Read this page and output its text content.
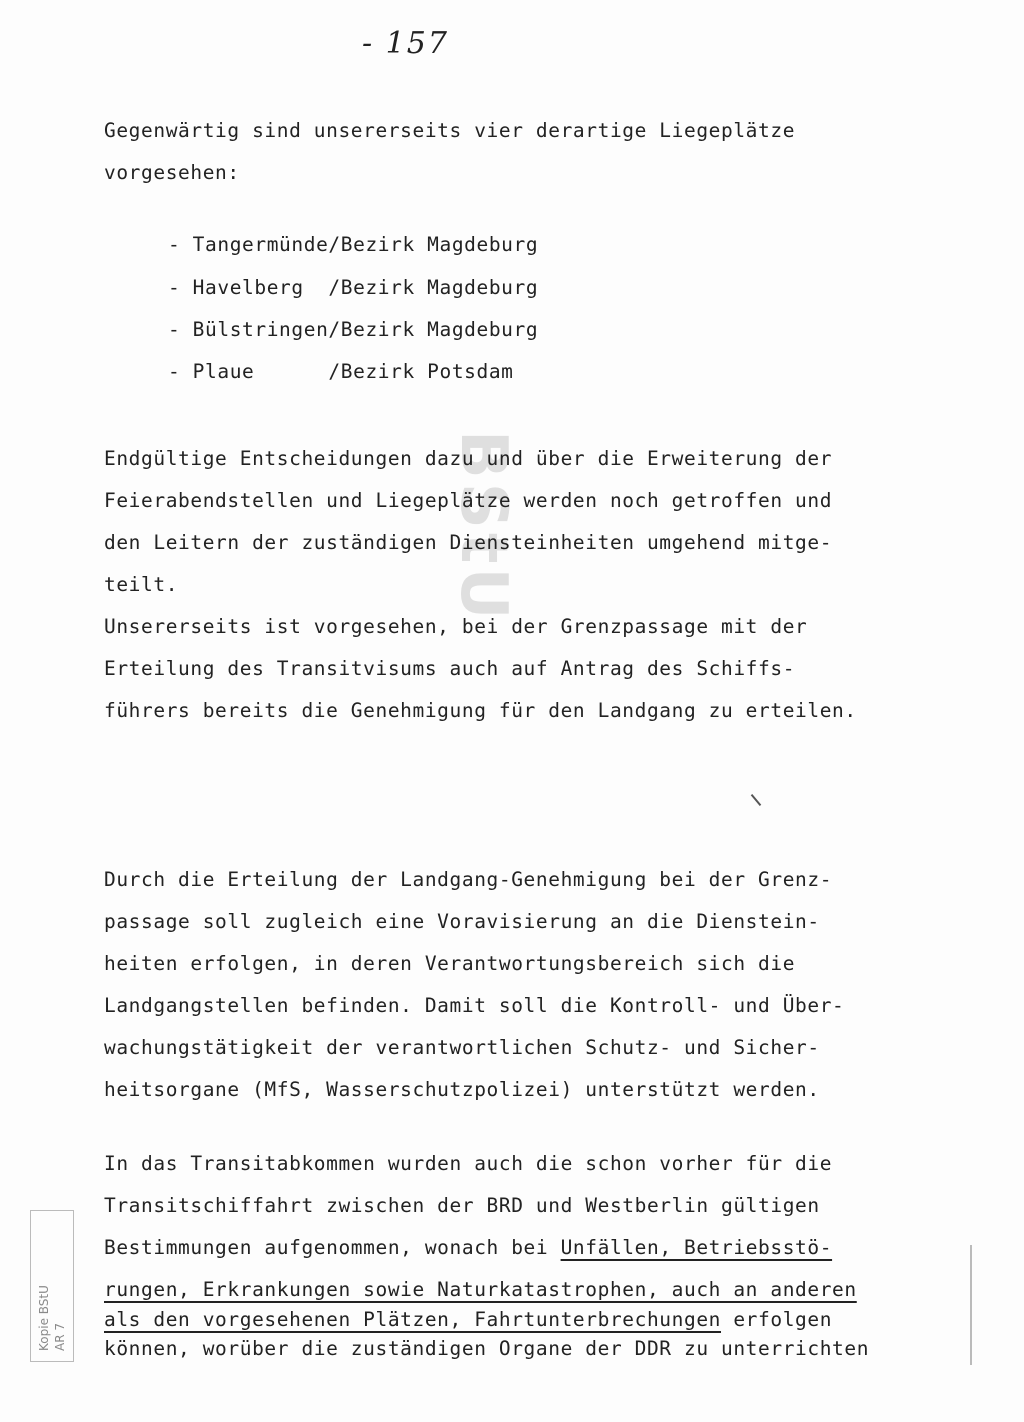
- 157
BStU
Gegenwärtig sind unsererseits vier derartige Liegeplätze
vorgesehen:
- Tangermünde/Bezirk Magdeburg
- Havelberg  /Bezirk Magdeburg
- Bülstringen/Bezirk Magdeburg
- Plaue      /Bezirk Potsdam
Endgültige Entscheidungen dazu und über die Erweiterung der
Feierabendstellen und Liegeplätze werden noch getroffen und
den Leitern der zuständigen Diensteinheiten umgehend mitge-
teilt.
Unsererseits ist vorgesehen, bei der Grenzpassage mit der
Erteilung des Transitvisums auch auf Antrag des Schiffs-
führers bereits die Genehmigung für den Landgang zu erteilen.
Durch die Erteilung der Landgang-Genehmigung bei der Grenz-
passage soll zugleich eine Voravisierung an die Dienstein-
heiten erfolgen, in deren Verantwortungsbereich sich die
Landgangstellen befinden. Damit soll die Kontroll- und Über-
wachungstätigkeit der verantwortlichen Schutz- und Sicher-
heitsorgane (MfS, Wasserschutzpolizei) unterstützt werden.
In das Transitabkommen wurden auch die schon vorher für die
Transitschiffahrt zwischen der BRD und Westberlin gültigen
Bestimmungen aufgenommen, wonach bei Unfällen, Betriebsstö-
rungen, Erkrankungen sowie Naturkatastrophen, auch an anderen
als den vorgesehenen Plätzen, Fahrtunterbrechungen erfolgen
können, worüber die zuständigen Organe der DDR zu unterrichten
Kopie BStU AR 7
